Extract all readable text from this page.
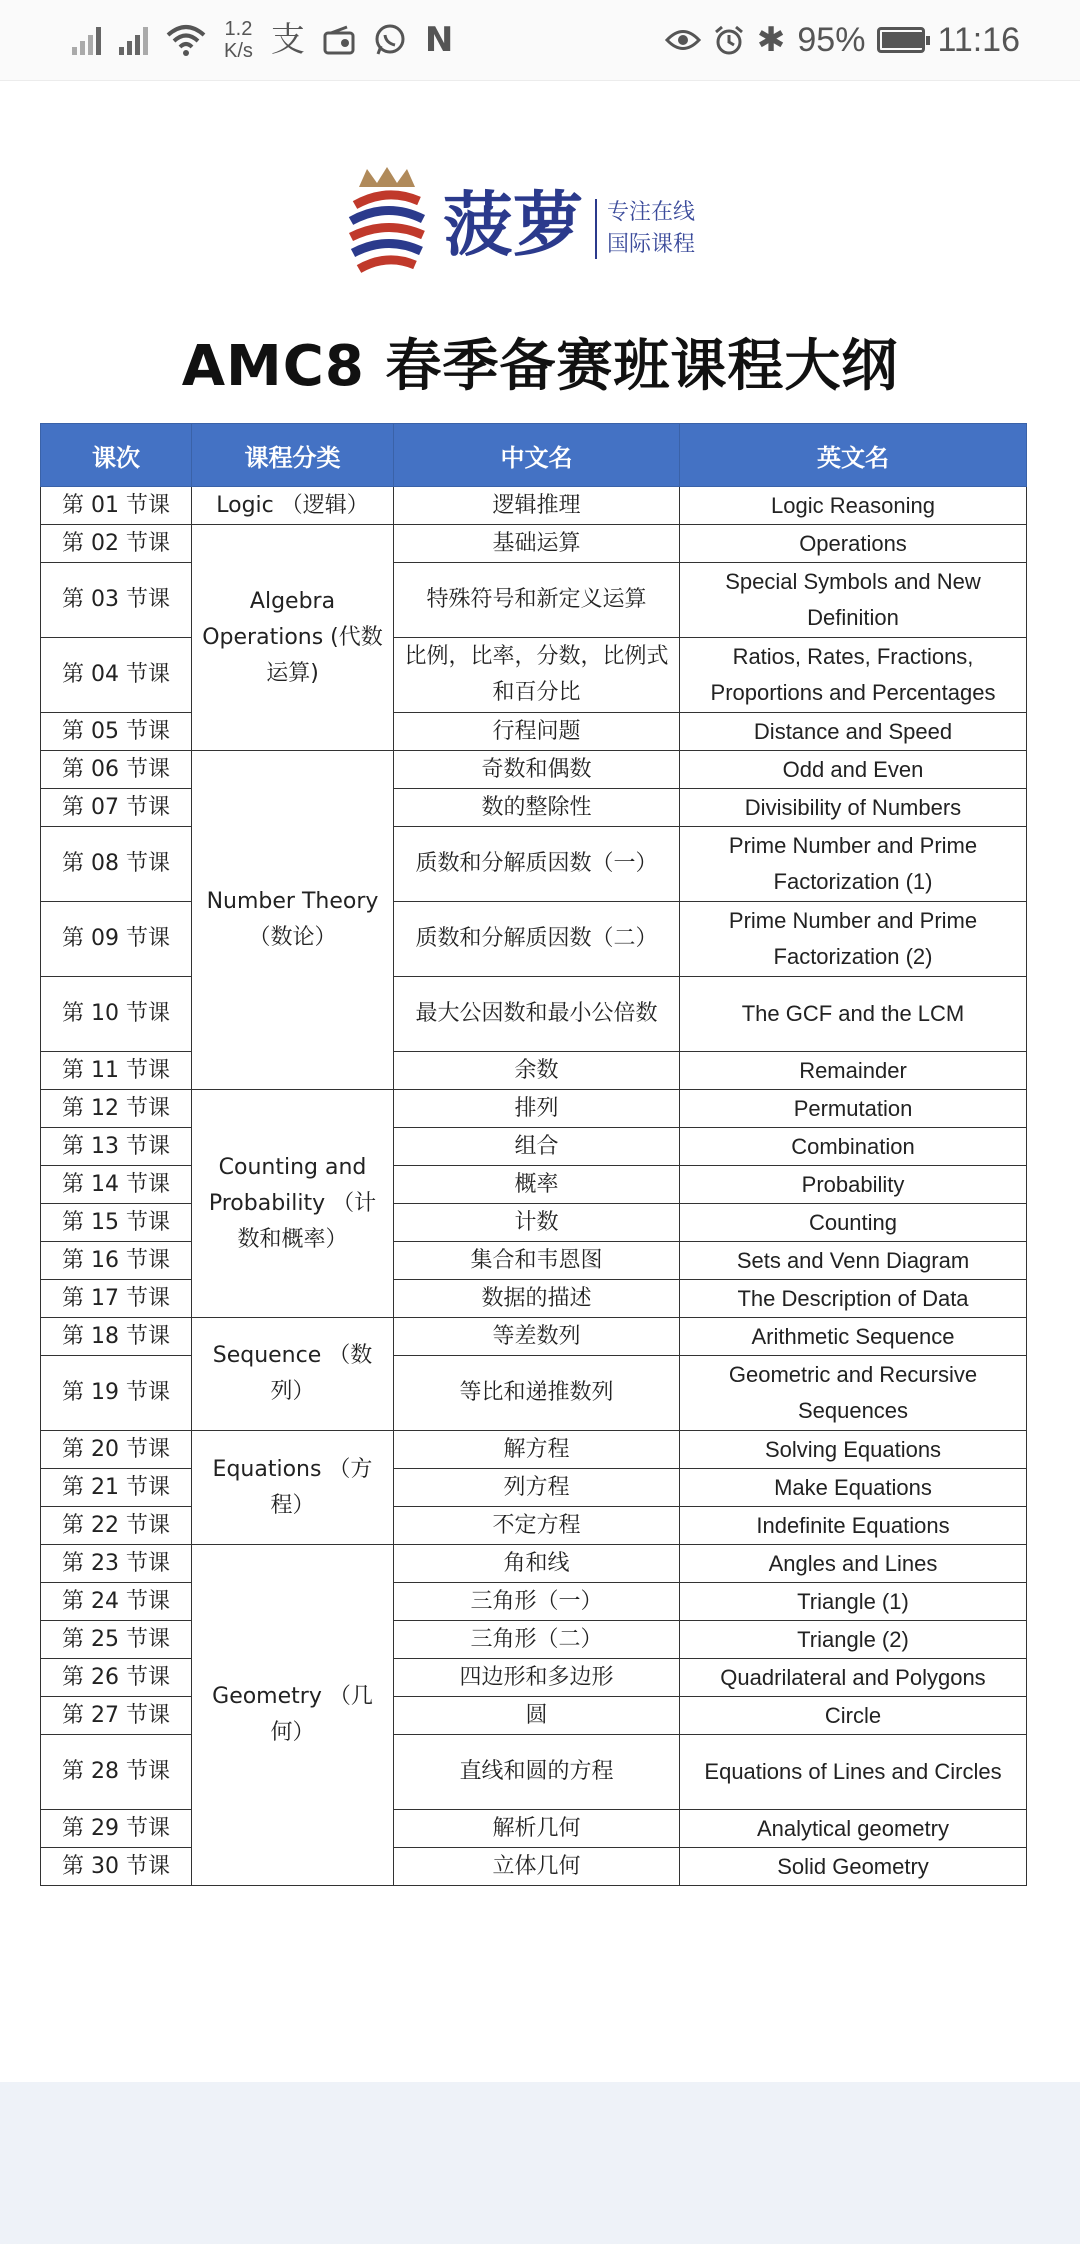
1.2
K/s 支	N	✱ 95% 11:16
菠萝 专注在线
国际课程
AMC8 春季备赛班课程大纲
课次	课程分类	中文名	英文名
第 01 节课	Logic （逻辑）	逻辑推理	Logic Reasoning
第 02 节课	Algebra Operations (代数运算)	基础运算	Operations
第 03 节课		特殊符号和新定义运算	Special Symbols and New Definition
第 04 节课		比例，比率，分数，比例式和百分比	Ratios, Rates, Fractions, Proportions and Percentages
第 05 节课		行程问题	Distance and Speed
第 06 节课	Number Theory （数论）	奇数和偶数	Odd and Even
第 07 节课		数的整除性	Divisibility of Numbers
第 08 节课		质数和分解质因数（一）	Prime Number and Prime Factorization (1)
第 09 节课		质数和分解质因数（二）	Prime Number and Prime Factorization (2)
第 10 节课		最大公因数和最小公倍数	The GCF and the LCM
第 11 节课		余数	Remainder
第 12 节课	Counting and Probability （计数和概率）	排列	Permutation
第 13 节课		组合	Combination
第 14 节课		概率	Probability
第 15 节课		计数	Counting
第 16 节课		集合和韦恩图	Sets and Venn Diagram
第 17 节课		数据的描述	The Description of Data
第 18 节课	Sequence （数列）	等差数列	Arithmetic Sequence
第 19 节课		等比和递推数列	Geometric and Recursive Sequences
第 20 节课	Equations （方程）	解方程	Solving Equations
第 21 节课		列方程	Make Equations
第 22 节课		不定方程	Indefinite Equations
第 23 节课	Geometry （几何）	角和线	Angles and Lines
第 24 节课		三角形（一）	Triangle (1)
第 25 节课		三角形（二）	Triangle (2)
第 26 节课		四边形和多边形	Quadrilateral and Polygons
第 27 节课		圆	Circle
第 28 节课		直线和圆的方程	Equations of Lines and Circles
第 29 节课		解析几何	Analytical geometry
第 30 节课		立体几何	Solid Geometry
